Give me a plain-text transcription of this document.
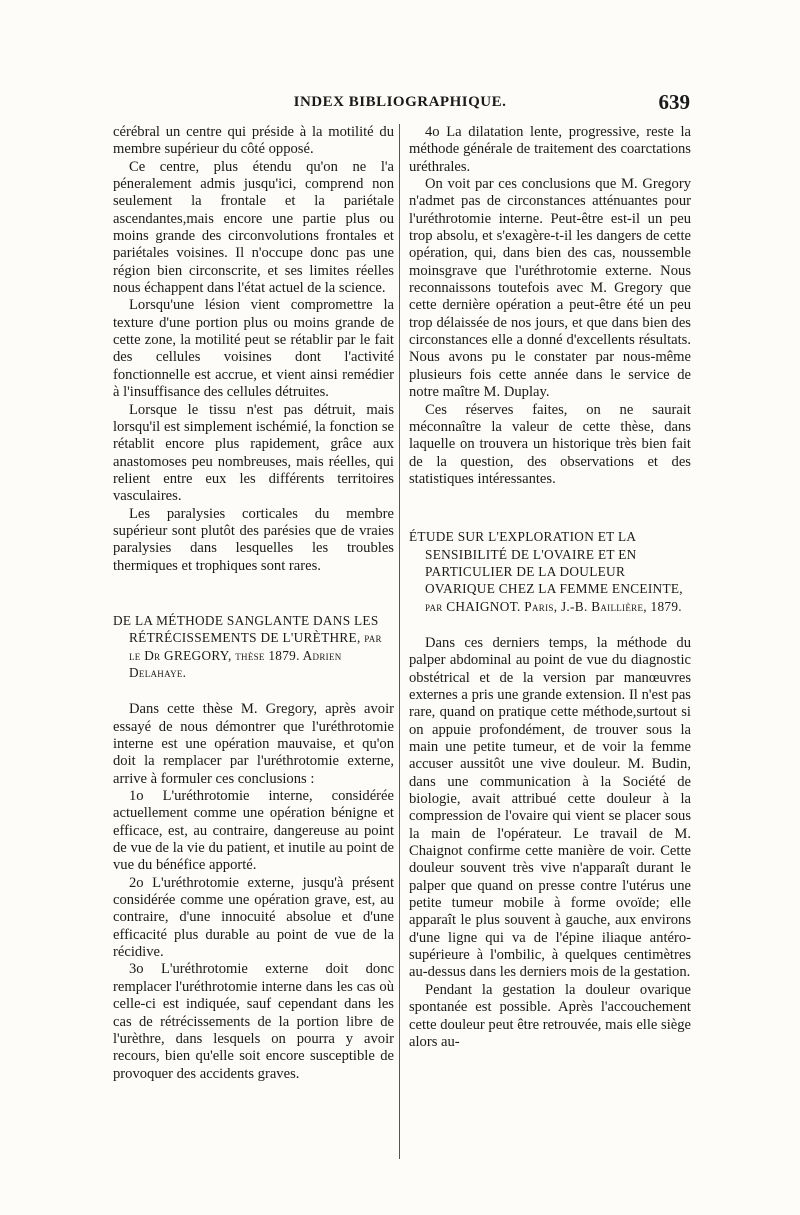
INDEX BIBLIOGRAPHIQUE.	639

cérébral un centre qui préside à la motilité du membre supérieur du côté opposé.

Ce centre, plus étendu qu'on ne l'a péneralement admis jusqu'ici, comprend non seulement la frontale et la pariétale ascendantes,mais encore une partie plus ou moins grande des circonvolutions frontales et pariétales voisines. Il n'occupe donc pas une région bien circonscrite, et ses limites réelles nous échappent dans l'état actuel de la science.

Lorsqu'une lésion vient compromettre la texture d'une portion plus ou moins grande de cette zone, la motilité peut se rétablir par le fait des cellules voisines dont l'activité fonctionnelle est accrue, et vient ainsi remédier à l'insuffisance des cellules détruites.

Lorsque le tissu n'est pas détruit, mais lorsqu'il est simplement ischémié, la fonction se rétablit encore plus rapidement, grâce aux anastomoses peu nombreuses, mais réelles, qui relient entre eux les différents territoires vasculaires.

Les paralysies corticales du membre supérieur sont plutôt des parésies que de vraies paralysies dans lesquelles les troubles thermiques et trophiques sont rares.

DE LA MÉTHODE SANGLANTE DANS LES RÉTRÉCISSEMENTS DE L'URÈTHRE, par le Dr GREGORY, thèse 1879. Adrien Delahaye.

Dans cette thèse M. Gregory, après avoir essayé de nous démontrer que l'uréthrotomie interne est une opération mauvaise, et qu'on doit la remplacer par l'uréthrotomie externe, arrive à formuler ces conclusions :

1o L'uréthrotomie interne, considérée actuellement comme une opération bénigne et efficace, est, au contraire, dangereuse au point de vue de la vie du patient, et inutile au point de vue du bénéfice apporté.

2o L'uréthrotomie externe, jusqu'à présent considérée comme une opération grave, est, au contraire, d'une innocuité absolue et d'une efficacité plus durable au point de vue de la récidive.

3o L'uréthrotomie externe doit donc remplacer l'uréthrotomie interne dans les cas où celle-ci est indiquée, sauf cependant dans les cas de rétrécissements de la portion libre de l'urèthre, dans lesquels on pourra y avoir recours, bien qu'elle soit encore susceptible de provoquer des accidents graves.

4o La dilatation lente, progressive, reste la méthode générale de traitement des coarctations uréthrales.

On voit par ces conclusions que M. Gregory n'admet pas de circonstances atténuantes pour l'uréthrotomie interne. Peut-être est-il un peu trop absolu, et s'exagère-t-il les dangers de cette opération, qui, dans bien des cas, noussemble moinsgrave que l'uréthrotomie externe. Nous reconnaissons toutefois avec M. Gregory que cette dernière opération a peut-être été un peu trop délaissée de nos jours, et que dans bien des circonstances elle a donné d'excellents résultats. Nous avons pu le constater par nous-même plusieurs fois cette année dans le service de notre maître M. Duplay.

Ces réserves faites, on ne saurait méconnaître la valeur de cette thèse, dans laquelle on trouvera un historique très bien fait de la question, des observations et des statistiques intéressantes.

ÉTUDE SUR L'EXPLORATION ET LA SENSIBILITÉ DE L'OVAIRE ET EN PARTICULIER DE LA DOULEUR OVARIQUE CHEZ LA FEMME ENCEINTE, par CHAIGNOT. Paris, J.-B. Baillière, 1879.

Dans ces derniers temps, la méthode du palper abdominal au point de vue du diagnostic obstétrical et de la version par manœuvres externes a pris une grande extension. Il n'est pas rare, quand on pratique cette méthode,surtout si on appuie profondément, de trouver sous la main une petite tumeur, et de voir la femme accuser aussitôt une vive douleur. M. Budin, dans une communication à la Société de biologie, avait attribué cette douleur à la compression de l'ovaire qui vient se placer sous la main de l'opérateur. Le travail de M. Chaignot confirme cette manière de voir. Cette douleur souvent très vive n'apparaît durant le palper que quand on presse contre l'utérus une petite tumeur mobile à forme ovoïde; elle apparaît le plus souvent à gauche, aux environs d'une ligne qui va de l'épine iliaque antéro-supérieure à l'ombilic, à quelques centimètres au-dessus dans les derniers mois de la gestation.

Pendant la gestation la douleur ovarique spontanée est possible. Après l'accouchement cette douleur peut être retrouvée, mais elle siège alors au-
